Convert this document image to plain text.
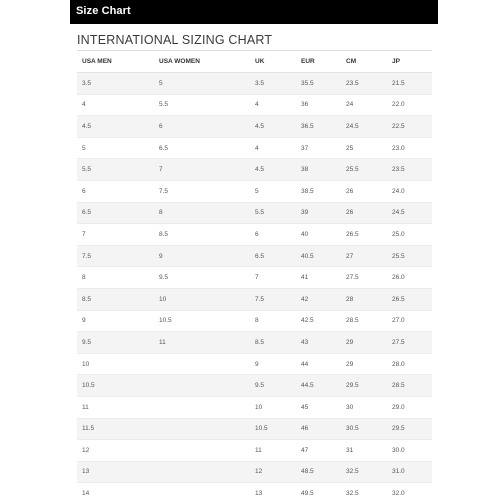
Size Chart
INTERNATIONAL SIZING CHART
USA MEN	USA WOMEN	UK	EUR	CM	JP
3.5	5	3.5	35.5	23.5	21.5
4	5.5	4	36	24	22.0
4.5	6	4.5	36.5	24.5	22.5
5	6.5	4	37	25	23.0
5.5	7	4.5	38	25.5	23.5
6	7.5	5	38.5	26	24.0
6.5	8	5.5	39	26	24.5
7	8.5	6	40	26.5	25.0
7.5	9	6.5	40.5	27	25.5
8	9.5	7	41	27.5	26.0
8.5	10	7.5	42	28	26.5
9	10.5	8	42.5	28.5	27.0
9.5	11	8.5	43	29	27.5
10		9	44	29	28.0
10.5		9.5	44.5	29.5	28.5
11		10	45	30	29.0
11.5		10.5	46	30.5	29.5
12		11	47	31	30.0
13		12	48.5	32.5	31.0
14		13	49.5	32.5	32.0
